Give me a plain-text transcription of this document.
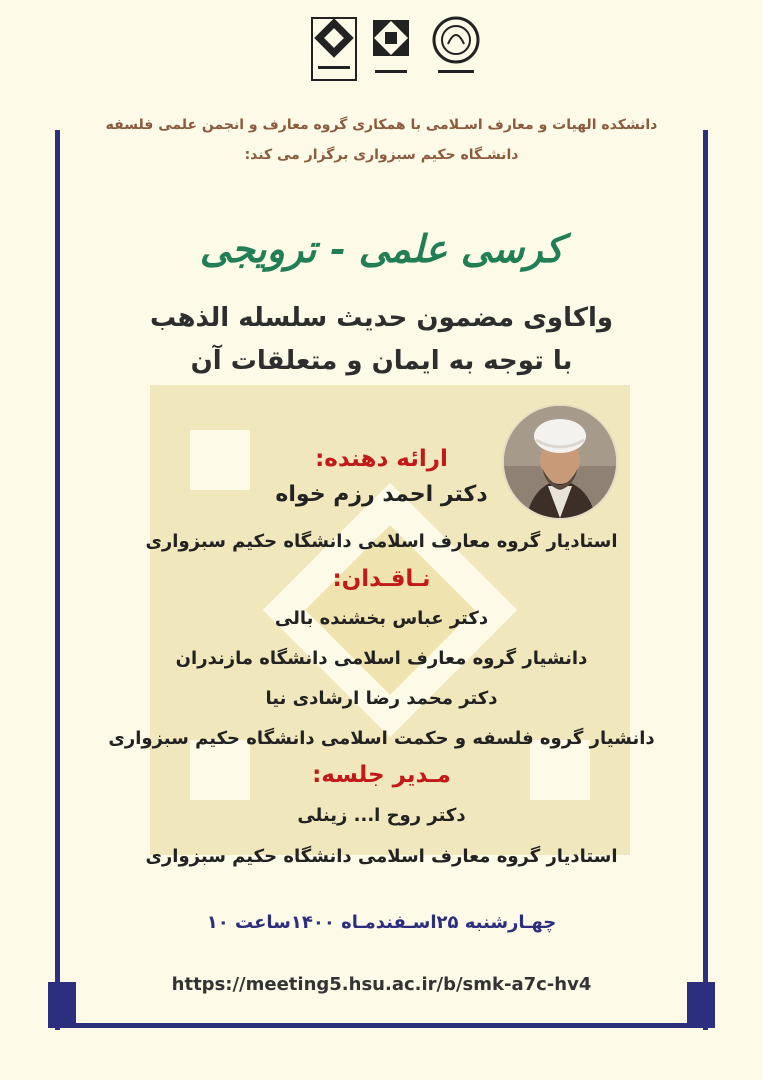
دانشکده الهیات و معارف اسـلامی با همکاری گروه معارف و انجمن علمی فلسفه
دانشـگاه حکیم سبزواری برگزار می کند:
کرسی علمی - ترویجی
واکاوی مضمون حدیث سلسله الذهب
با توجه به ایمان و متعلقات آن
ارائه دهنده:
دکتر احمد رزم خواه
استادیار گروه معارف اسلامی دانشگاه حکیم سبزواری
نـاقـدان:
دکتر عباس بخشنده بالی
دانشیار گروه معارف اسلامی دانشگاه مازندران
دکتر محمد رضا ارشادی نیا
دانشیار گروه فلسفه و حکمت اسلامی دانشگاه حکیم سبزواری
مـدیر جلسه:
دکتر روح ا... زینلی
استادیار گروه معارف اسلامی دانشگاه حکیم سبزواری
چهـارشنبه ۲۵اسـفندمـاه ۱۴۰۰ساعت ۱۰
https://meeting5.hsu.ac.ir/b/smk-a7c-hv4
